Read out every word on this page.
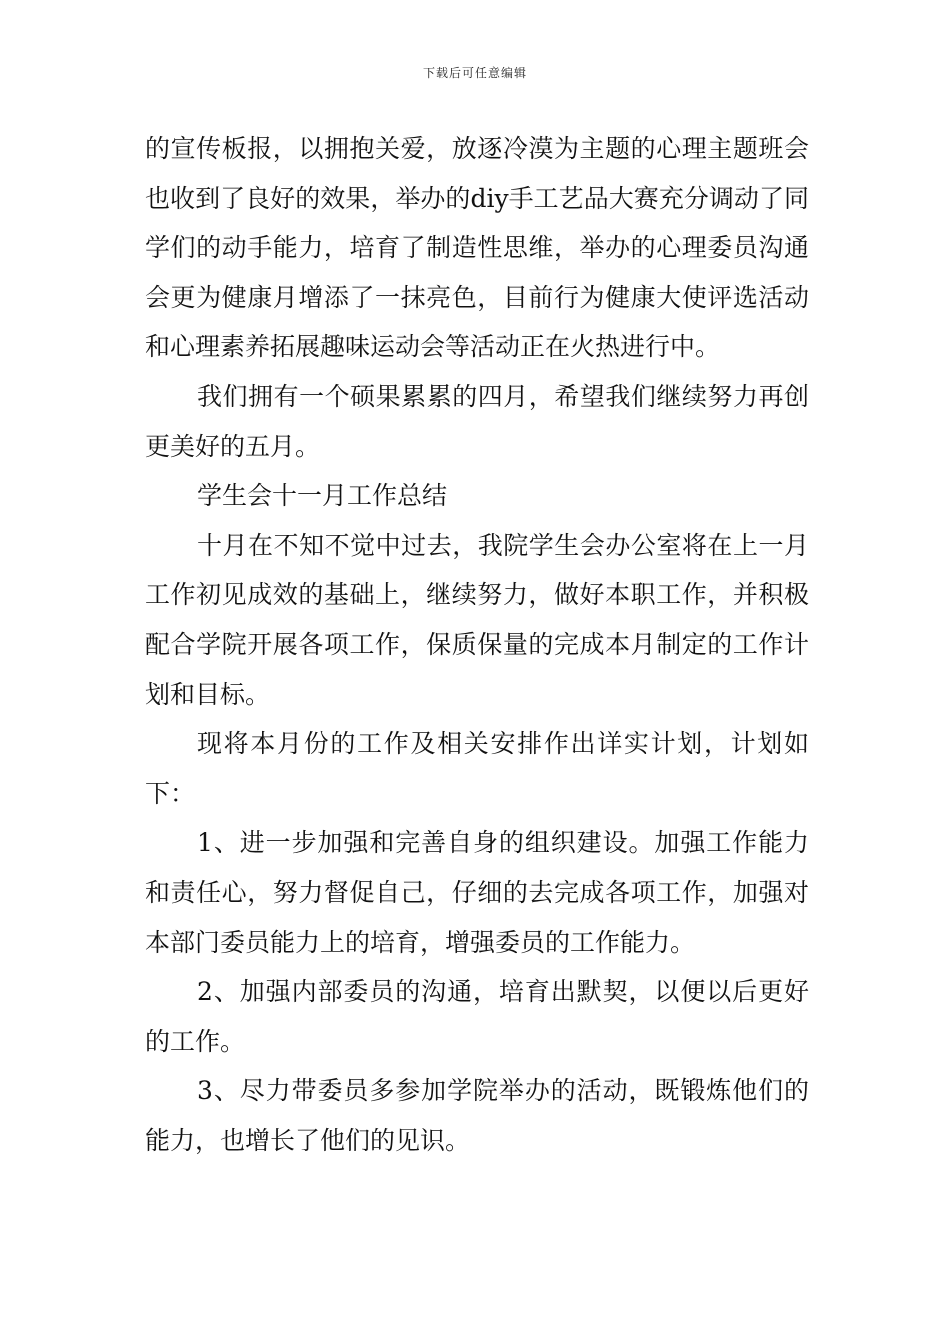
下载后可任意编辑

的宣传板报，以拥抱关爱，放逐冷漠为主题的心理主题班会也收到了良好的效果，举办的diy手工艺品大赛充分调动了同学们的动手能力，培育了制造性思维，举办的心理委员沟通会更为健康月增添了一抹亮色，目前行为健康大使评选活动和心理素养拓展趣味运动会等活动正在火热进行中。

我们拥有一个硕果累累的四月，希望我们继续努力再创更美好的五月。

学生会十一月工作总结

十月在不知不觉中过去，我院学生会办公室将在上一月工作初见成效的基础上，继续努力，做好本职工作，并积极配合学院开展各项工作，保质保量的完成本月制定的工作计划和目标。

现将本月份的工作及相关安排作出详实计划，计划如下：

1、进一步加强和完善自身的组织建设。加强工作能力和责任心，努力督促自己，仔细的去完成各项工作，加强对本部门委员能力上的培育，增强委员的工作能力。

2、加强内部委员的沟通，培育出默契，以便以后更好的工作。

3、尽力带委员多参加学院举办的活动，既锻炼他们的能力，也增长了他们的见识。
